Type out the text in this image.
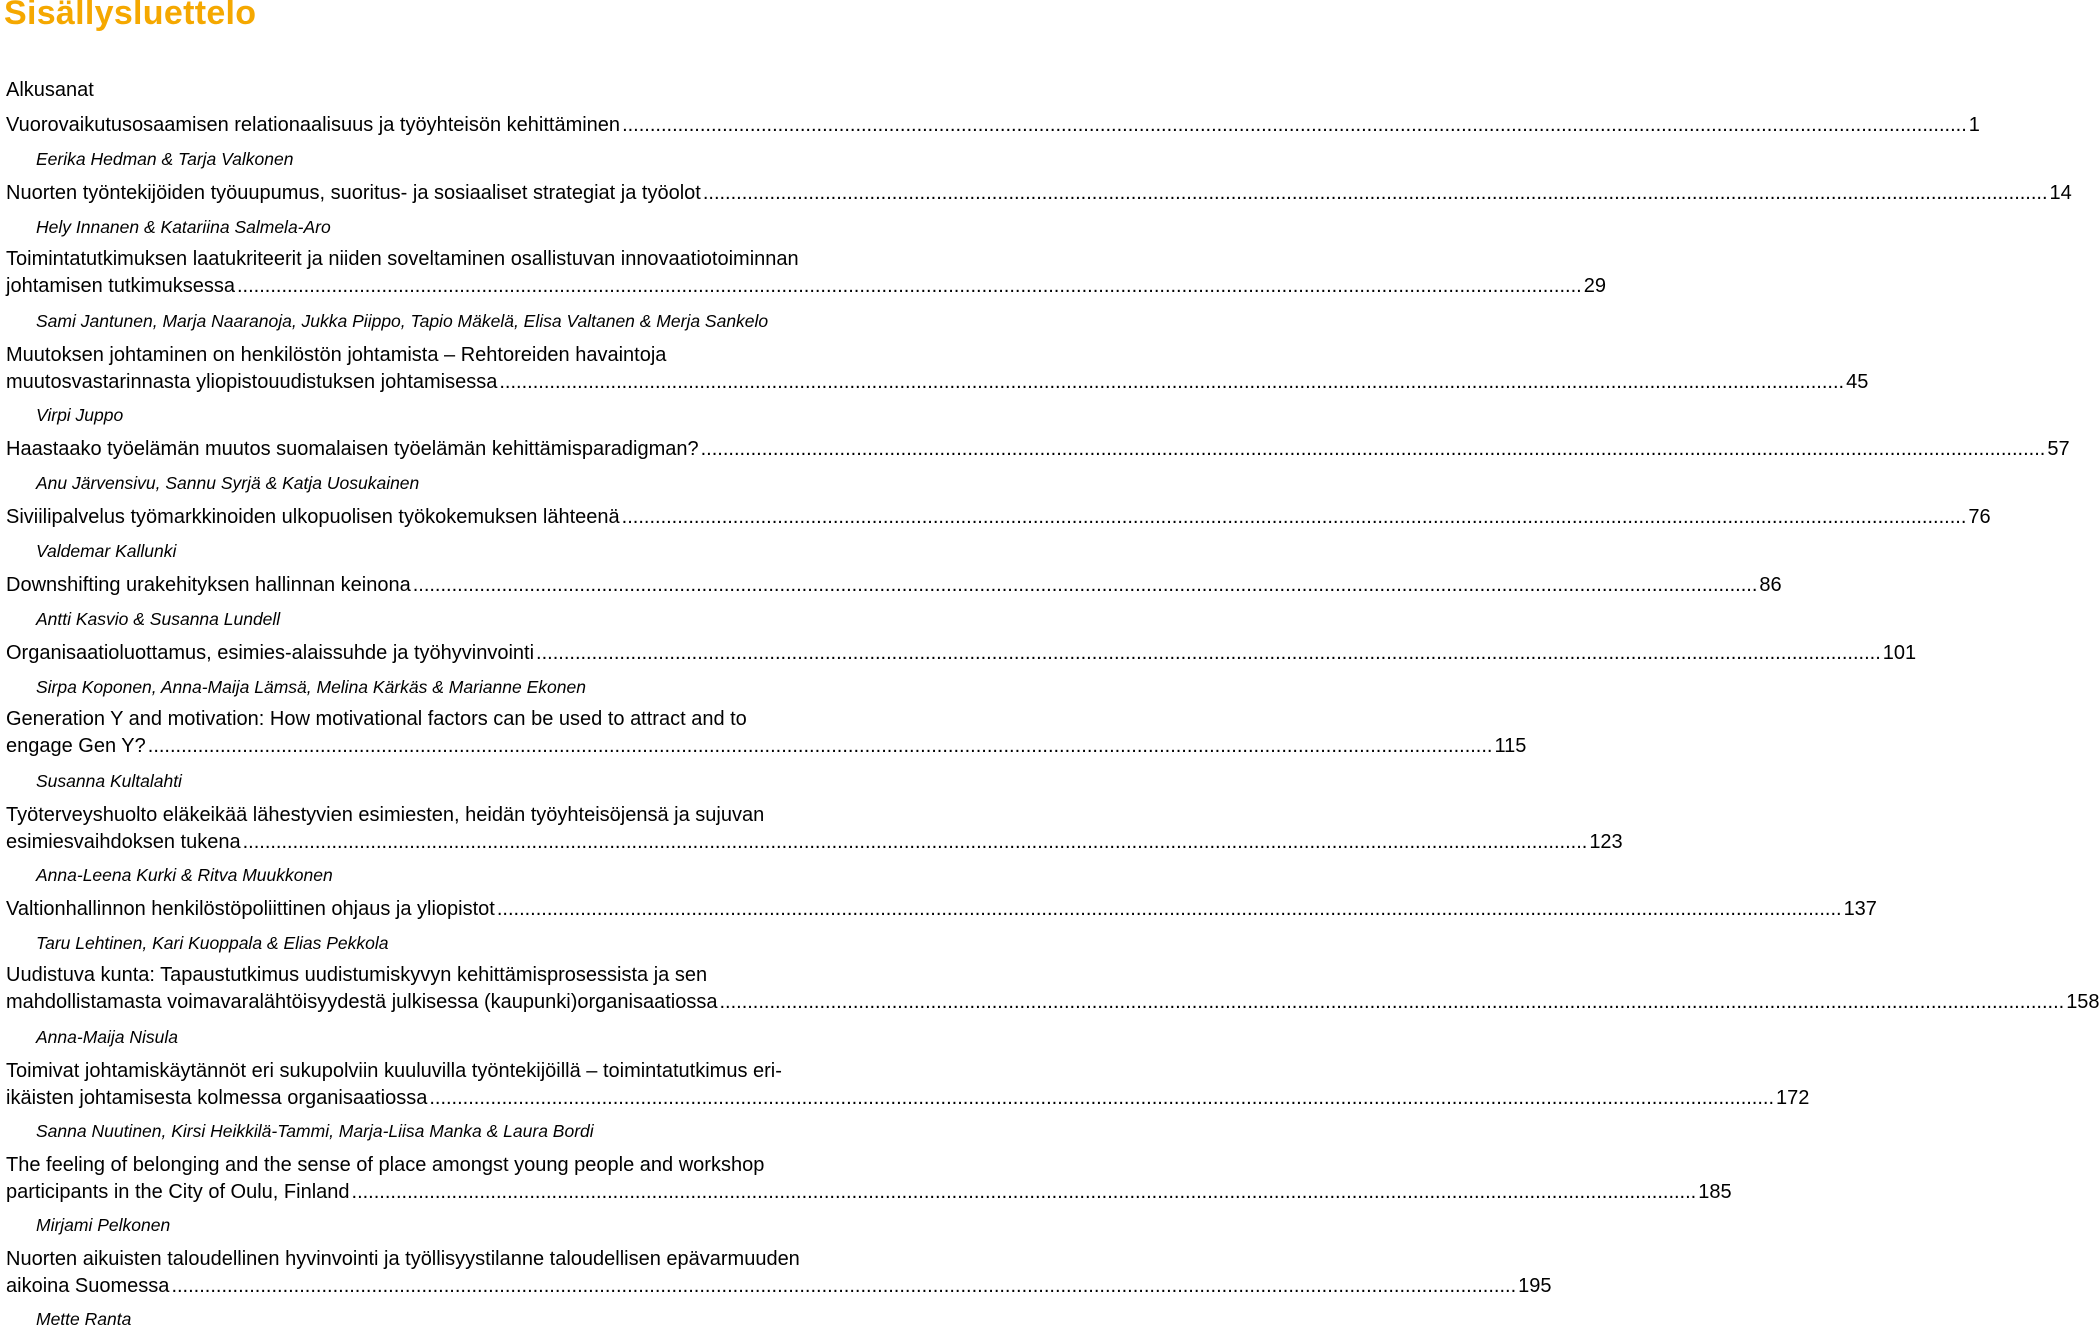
Sisällysluettelo
Alkusanat
Vuorovaikutusosaamisen relationaalisuus ja työyhteisön kehittäminen .................................................................................................................................................................................................................................................. 1
Eerika Hedman & Tarja Valkonen
Nuorten työntekijöiden työuupumus, suoritus- ja sosiaaliset strategiat ja työolot .................................................................................................................................................................................................................................................. 14
Hely Innanen & Katariina Salmela-Aro
Toimintatutkimuksen laatukriteerit ja niiden soveltaminen osallistuvan innovaatiotoiminnan
johtamisen tutkimuksessa .................................................................................................................................................................................................................................................. 29
Sami Jantunen, Marja Naaranoja, Jukka Piippo, Tapio Mäkelä, Elisa Valtanen & Merja Sankelo
Muutoksen johtaminen on henkilöstön johtamista – Rehtoreiden havaintoja
muutosvastarinnasta yliopistouudistuksen johtamisessa .................................................................................................................................................................................................................................................. 45
Virpi Juppo
Haastaako työelämän muutos suomalaisen työelämän kehittämisparadigman? .................................................................................................................................................................................................................................................. 57
Anu Järvensivu, Sannu Syrjä & Katja Uosukainen
Siviilipalvelus työmarkkinoiden ulkopuolisen työkokemuksen lähteenä .................................................................................................................................................................................................................................................. 76
Valdemar Kallunki
Downshifting urakehityksen hallinnan keinona .................................................................................................................................................................................................................................................. 86
Antti Kasvio & Susanna Lundell
Organisaatioluottamus, esimies-alaissuhde ja työhyvinvointi .................................................................................................................................................................................................................................................. 101
Sirpa Koponen, Anna-Maija Lämsä, Melina Kärkäs & Marianne Ekonen
Generation Y and motivation: How motivational factors can be used to attract and to
engage Gen Y? .................................................................................................................................................................................................................................................. 115
Susanna Kultalahti
Työterveyshuolto eläkeikää lähestyvien esimiesten, heidän työyhteisöjensä ja sujuvan
esimiesvaihdoksen tukena .................................................................................................................................................................................................................................................. 123
Anna-Leena Kurki & Ritva Muukkonen
Valtionhallinnon henkilöstöpoliittinen ohjaus ja yliopistot .................................................................................................................................................................................................................................................. 137
Taru Lehtinen, Kari Kuoppala & Elias Pekkola
Uudistuva kunta: Tapaustutkimus uudistumiskyvyn kehittämisprosessista ja sen
mahdollistamasta voimavaralähtöisyydestä julkisessa (kaupunki)organisaatiossa .................................................................................................................................................................................................................................................. 158
Anna-Maija Nisula
Toimivat johtamiskäytännöt eri sukupolviin kuuluvilla työntekijöillä – toimintatutkimus eri-
ikäisten johtamisesta kolmessa organisaatiossa .................................................................................................................................................................................................................................................. 172
Sanna Nuutinen, Kirsi Heikkilä-Tammi, Marja-Liisa Manka & Laura Bordi
The feeling of belonging and the sense of place amongst young people and workshop
participants in the City of Oulu, Finland .................................................................................................................................................................................................................................................. 185
Mirjami Pelkonen
Nuorten aikuisten taloudellinen hyvinvointi ja työllisyystilanne taloudellisen epävarmuuden
aikoina Suomessa .................................................................................................................................................................................................................................................. 195
Mette Ranta
